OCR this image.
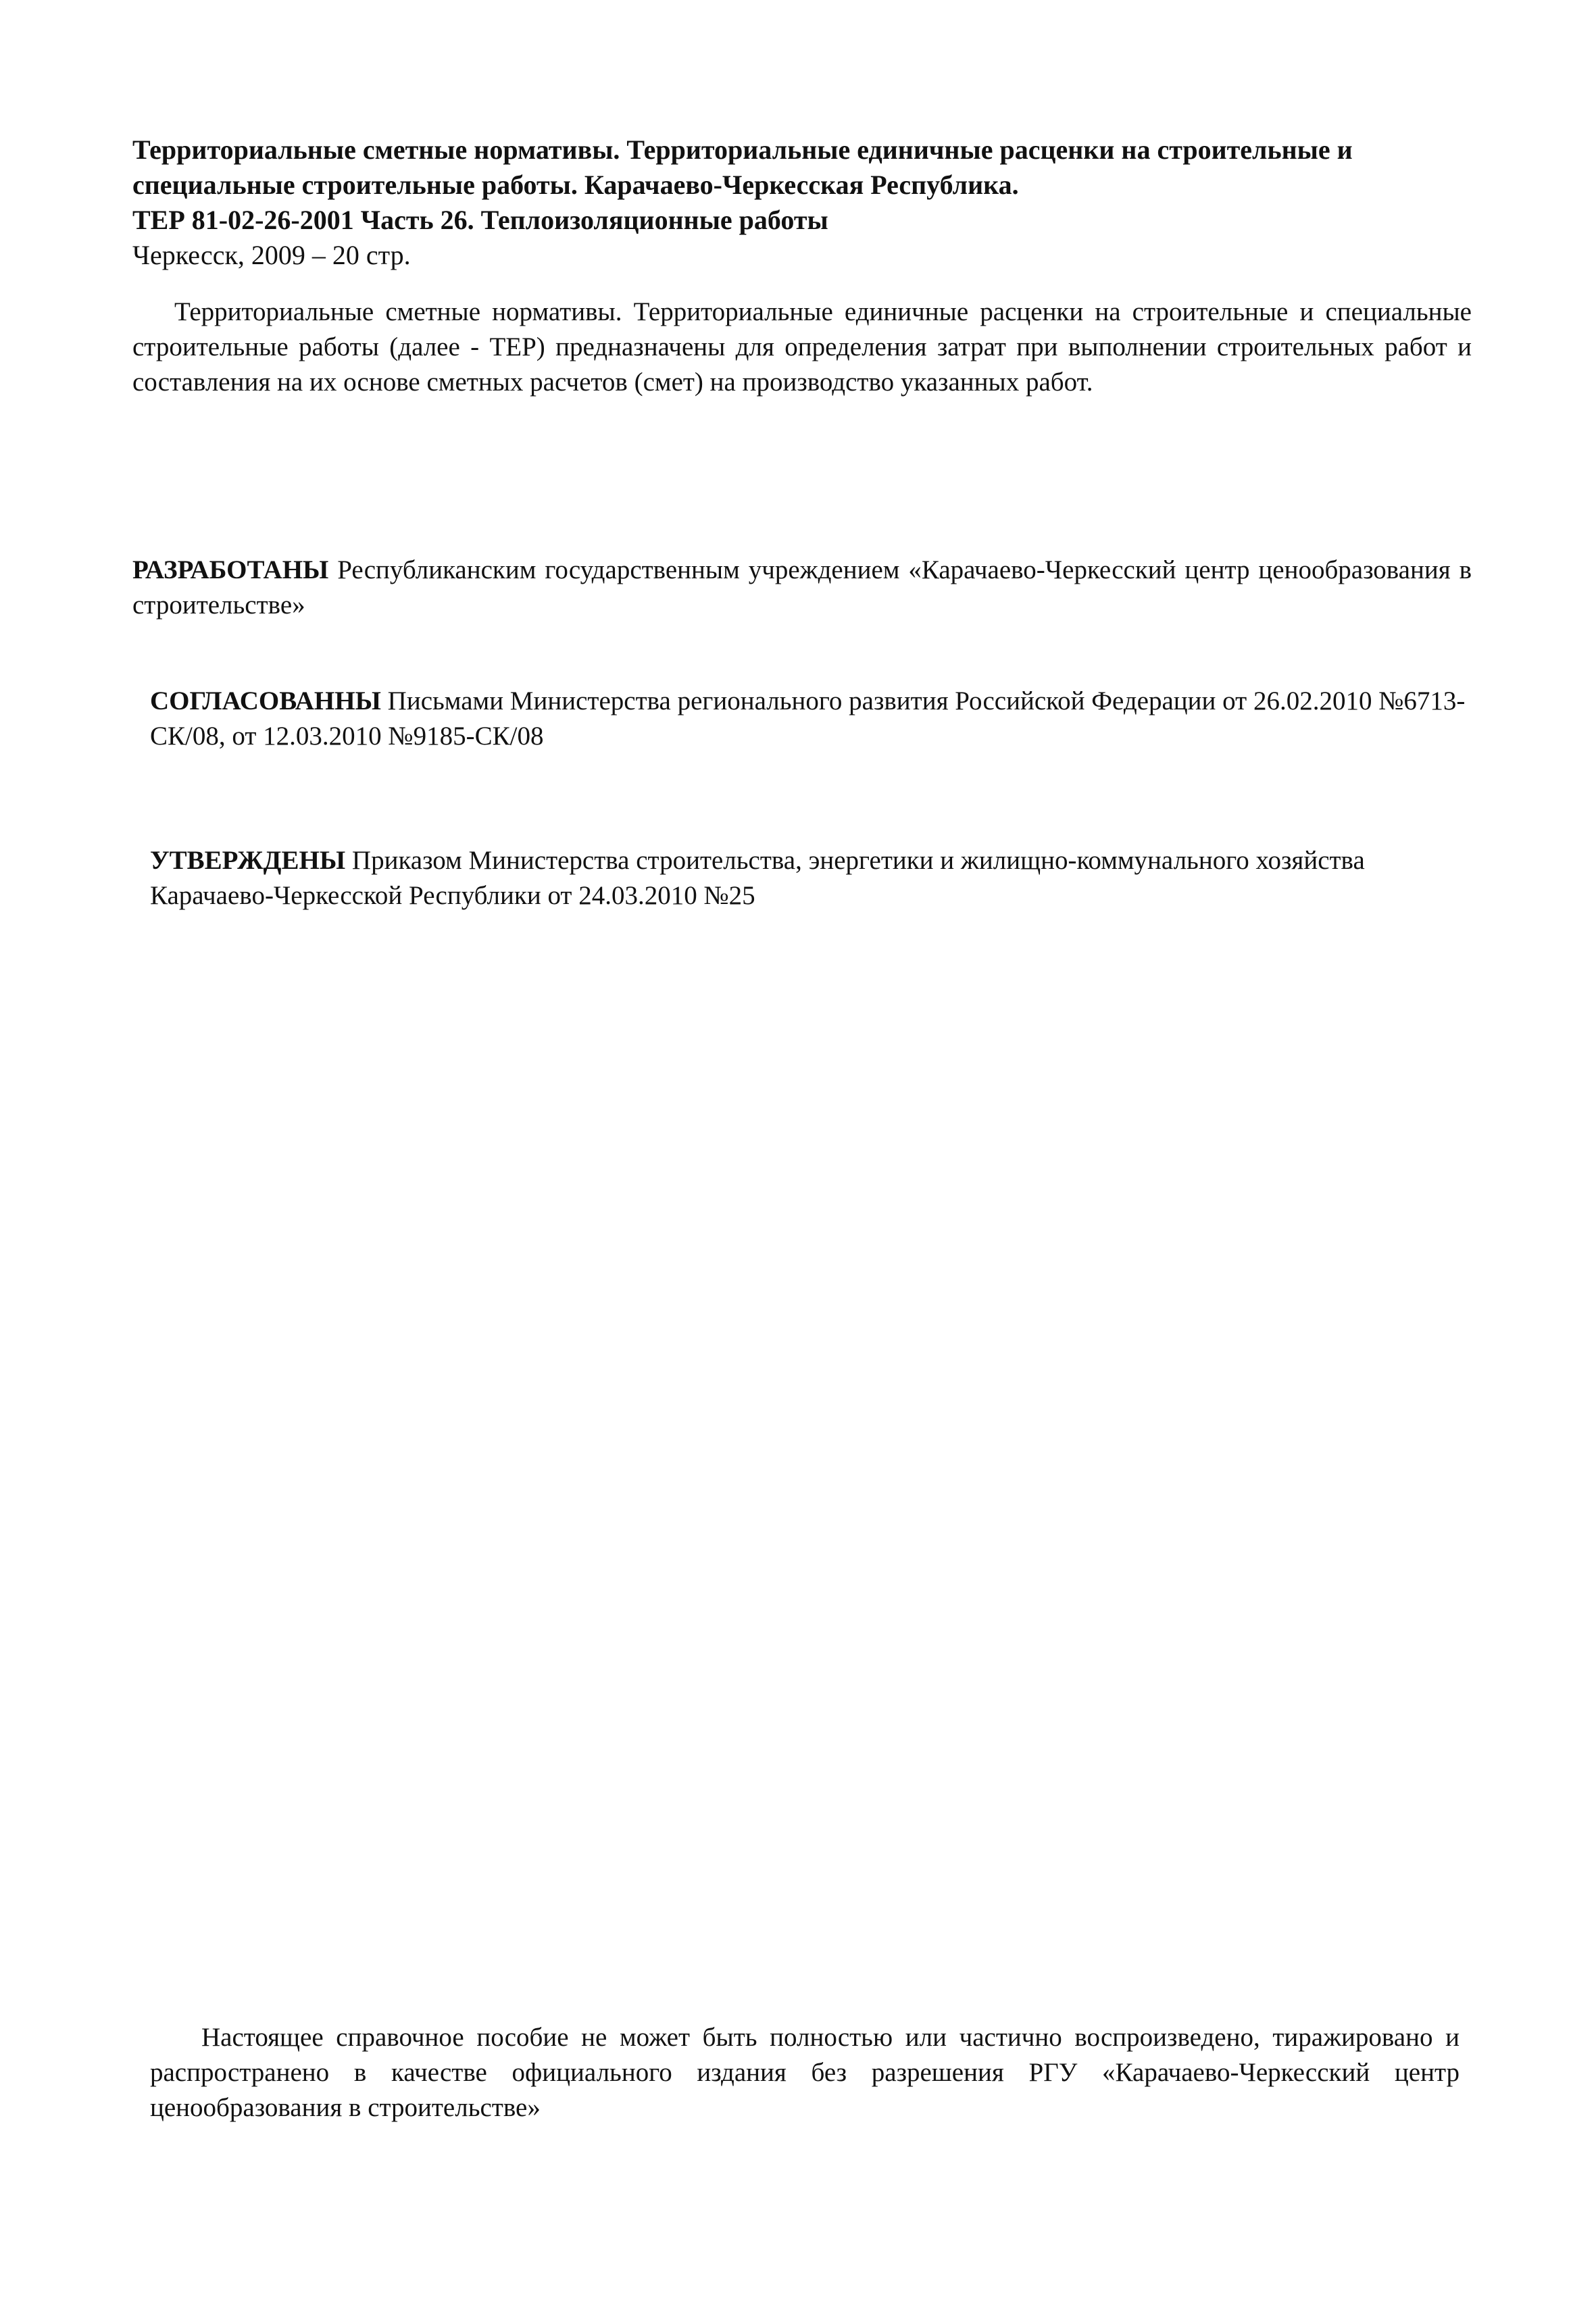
Территориальные сметные нормативы. Территориальные единичные расценки на строительные и
специальные строительные работы. Карачаево-Черкесская Республика.
ТЕР 81-02-26-2001 Часть 26. Теплоизоляционные работы
Черкесск, 2009 – 20 стр.

Территориальные сметные нормативы. Территориальные единичные расценки на строительные и специальные строительные работы (далее - ТЕР) предназначены для определения затрат при выполнении строительных работ и составления на их основе сметных расчетов (смет) на производство указанных работ.

РАЗРАБОТАНЫ Республиканским государственным учреждением «Карачаево-Черкесский центр ценообразования в строительстве»

СОГЛАСОВАННЫ Письмами Министерства регионального развития Российской Федерации от 26.02.2010 №6713-СК/08, от 12.03.2010 №9185-СК/08

УТВЕРЖДЕНЫ Приказом Министерства строительства, энергетики и жилищно-коммунального хозяйства Карачаево-Черкесской Республики от 24.03.2010 №25

Настоящее справочное пособие не может быть полностью или частично воспроизведено, тиражировано и распространено в качестве официального издания без разрешения РГУ «Карачаево-Черкесский центр ценообразования в строительстве»
